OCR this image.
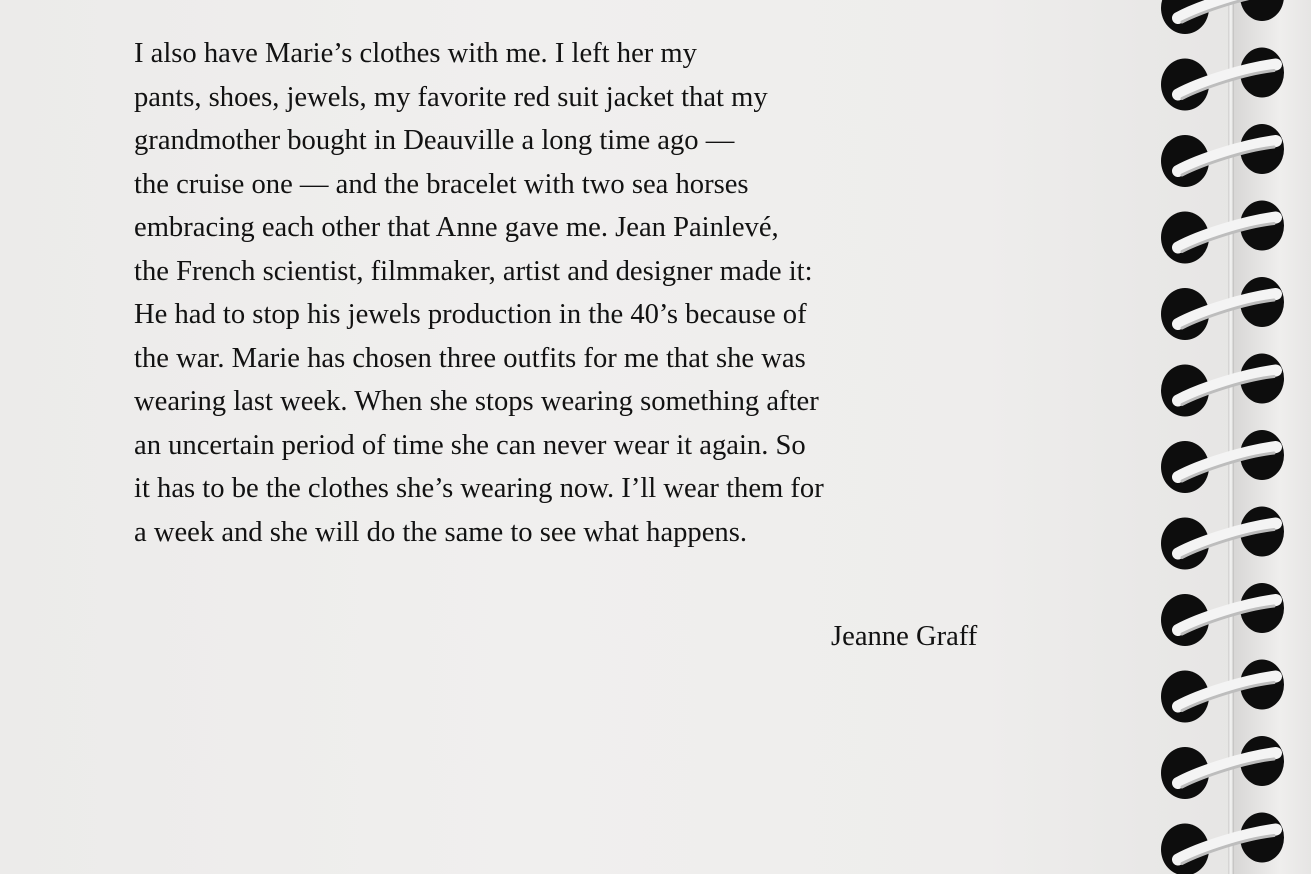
I also have Marie’s clothes with me. I left her my
pants, shoes, jewels, my favorite red suit jacket that my
grandmother bought in Deauville a long time ago —
the cruise one — and the bracelet with two sea horses
embracing each other that Anne gave me. Jean Painlevé,
the French scientist, filmmaker, artist and designer made it:
He had to stop his jewels production in the 40’s because of
the war. Marie has chosen three outfits for me that she was
wearing last week. When she stops wearing something after
an uncertain period of time she can never wear it again. So
it has to be the clothes she’s wearing now. I’ll wear them for
a week and she will do the same to see what happens.
Jeanne Graff
